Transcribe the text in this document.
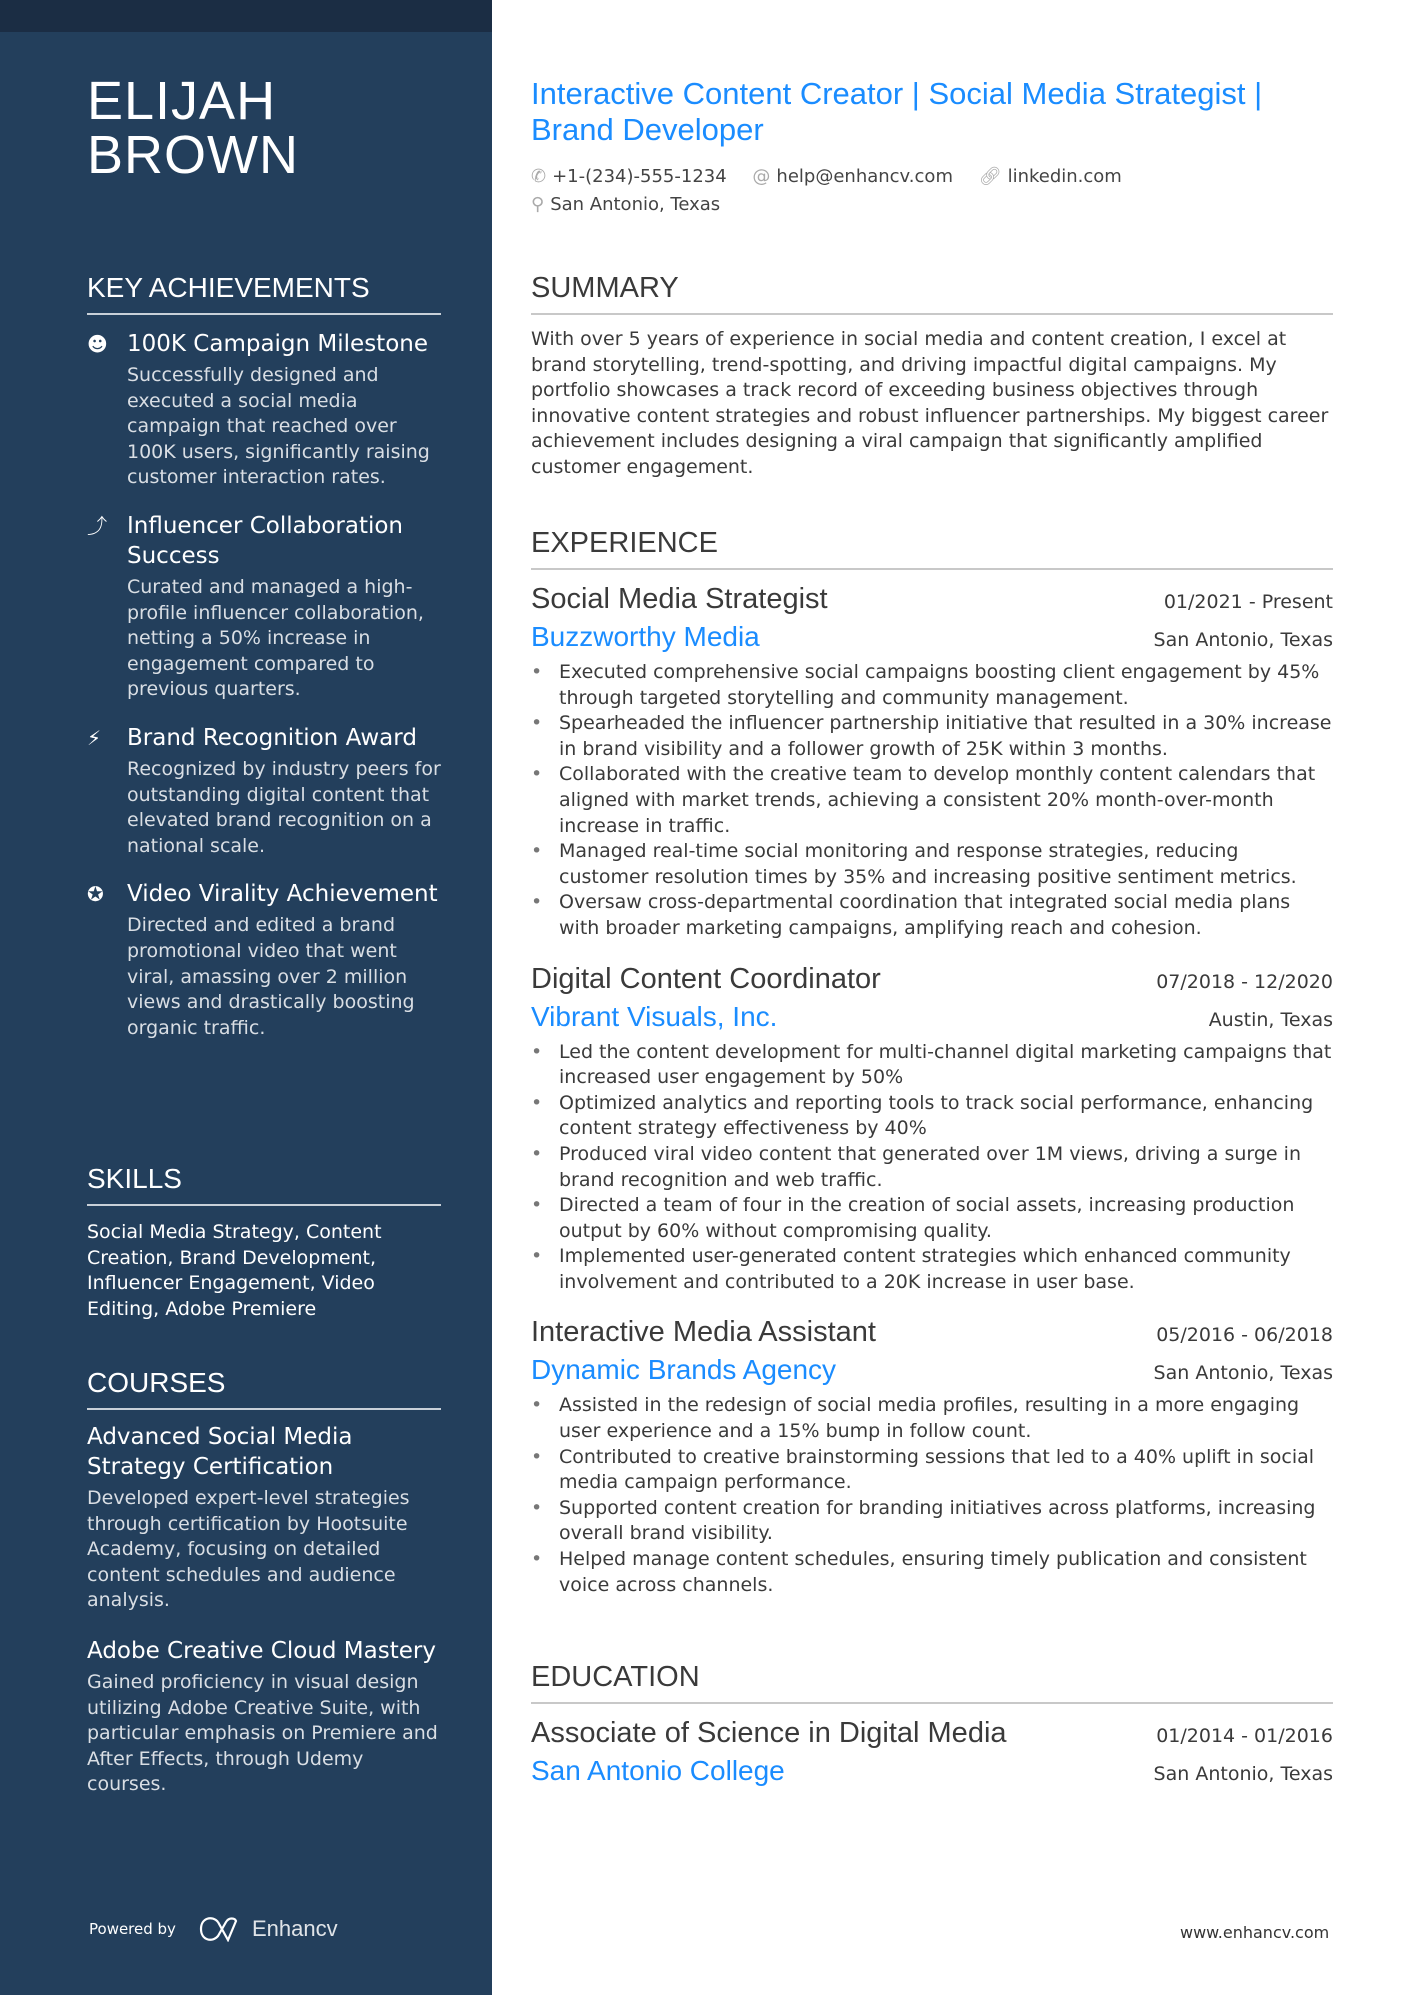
ELIJAH
BROWN
KEY ACHIEVEMENTS
☻ 100K Campaign Milestone
Successfully designed and executed a social media campaign that reached over 100K users, significantly raising customer interaction rates.
⤴ Influencer Collaboration Success
Curated and managed a high-profile influencer collaboration, netting a 50% increase in engagement compared to previous quarters.
⚡	Brand Recognition Award
Recognized by industry peers for outstanding digital content that elevated brand recognition on a national scale.
✪	Video Virality Achievement
Directed and edited a brand promotional video that went viral, amassing over 2 million views and drastically boosting organic traffic.
SKILLS
Social Media Strategy, Content Creation, Brand Development, Influencer Engagement, Video Editing, Adobe Premiere
COURSES
Advanced Social Media Strategy Certification
Developed expert-level strategies through certification by Hootsuite Academy, focusing on detailed content schedules and audience analysis.
Adobe Creative Cloud Mastery
Gained proficiency in visual design utilizing Adobe Creative Suite, with particular emphasis on Premiere and After Effects, through Udemy courses.
Powered by	Enhancv
Interactive Content Creator | Social Media Strategist | Brand Developer
✆ +1-(234)-555-1234 @ help@enhancv.com 🔗︎ linkedin.com
⚲ San Antonio, Texas
SUMMARY
With over 5 years of experience in social media and content creation, I excel at brand storytelling, trend-spotting, and driving impactful digital campaigns. My portfolio showcases a track record of exceeding business objectives through innovative content strategies and robust influencer partnerships. My biggest career achievement includes designing a viral campaign that significantly amplified customer engagement.
EXPERIENCE
Social Media Strategist	01/2021 - Present
Buzzworthy Media	San Antonio, Texas
• Executed comprehensive social campaigns boosting client engagement by 45% through targeted storytelling and community management.
• Spearheaded the influencer partnership initiative that resulted in a 30% increase in brand visibility and a follower growth of 25K within 3 months.
• Collaborated with the creative team to develop monthly content calendars that aligned with market trends, achieving a consistent 20% month-over-month increase in traffic.
• Managed real-time social monitoring and response strategies, reducing customer resolution times by 35% and increasing positive sentiment metrics.
• Oversaw cross-departmental coordination that integrated social media plans with broader marketing campaigns, amplifying reach and cohesion.
Digital Content Coordinator	07/2018 - 12/2020
Vibrant Visuals, Inc.	Austin, Texas
• Led the content development for multi-channel digital marketing campaigns that increased user engagement by 50%
• Optimized analytics and reporting tools to track social performance, enhancing content strategy effectiveness by 40%
• Produced viral video content that generated over 1M views, driving a surge in brand recognition and web traffic.
• Directed a team of four in the creation of social assets, increasing production output by 60% without compromising quality.
• Implemented user-generated content strategies which enhanced community involvement and contributed to a 20K increase in user base.
Interactive Media Assistant	05/2016 - 06/2018
Dynamic Brands Agency	San Antonio, Texas
• Assisted in the redesign of social media profiles, resulting in a more engaging user experience and a 15% bump in follow count.
• Contributed to creative brainstorming sessions that led to a 40% uplift in social media campaign performance.
• Supported content creation for branding initiatives across platforms, increasing overall brand visibility.
• Helped manage content schedules, ensuring timely publication and consistent voice across channels.
EDUCATION
Associate of Science in Digital Media	01/2014 - 01/2016
San Antonio College	San Antonio, Texas
www.enhancv.com
